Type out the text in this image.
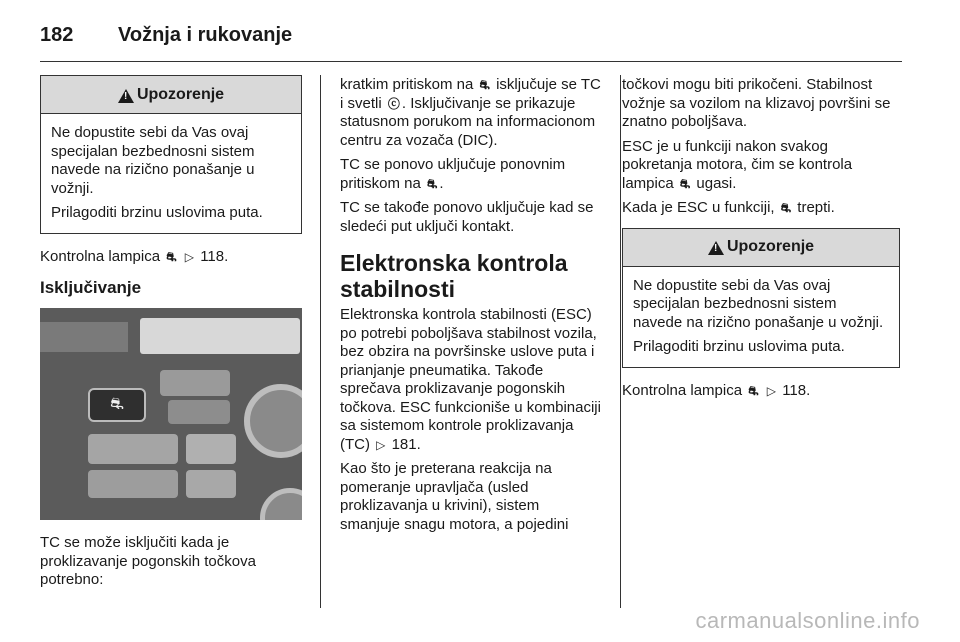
182 Vožnja i rukovanje
!
Upozorenje

Ne dopustite sebi da Vas ovaj specijalan bezbednosni sistem navede na rizično ponašanje u vožnji.

Prilagoditi brzinu uslovima puta.

Kontrolna lampica ⛐ ▷ 118.

Isključivanje
⛐

TC se može isključiti kada je proklizavanje pogonskih točkova potrebno:

kratkim pritiskom na ⛐ isključuje se TC i svetli ⓒ . Isključivanje se prikazuje statusnom porukom na informacionom centru za vozača (DIC).

TC se ponovo uključuje ponovnim pritiskom na ⛐ .

TC se takođe ponovo uključuje kad se sledeći put uključi kontakt.

Elektronska kontrola stabilnosti

Elektronska kontrola stabilnosti (ESC) po potrebi poboljšava stabilnost vozila, bez obzira na površinske uslove puta i prianjanje pneumatika. Takođe sprečava proklizavanje pogonskih točkova. ESC funkcioniše u kombinaciji sa sistemom kontrole proklizavanja (TC) ▷ 181.

Kao što je preterana reakcija na pomeranje upravljača (usled proklizavanja u krivini), sistem smanjuje snagu motora, a pojedini

točkovi mogu biti prikočeni. Stabilnost vožnje sa vozilom na klizavoj površini se znatno poboljšava.

ESC je u funkciji nakon svakog pokretanja motora, čim se kontrola lampica ⛐ ugasi.

Kada je ESC u funkciji, ⛐ trepti.

!
Upozorenje

Ne dopustite sebi da Vas ovaj specijalan bezbednosni sistem navede na rizično ponašanje u vožnji.

Prilagoditi brzinu uslovima puta.

Kontrolna lampica ⛐ ▷ 118.

carmanualsonline.info
